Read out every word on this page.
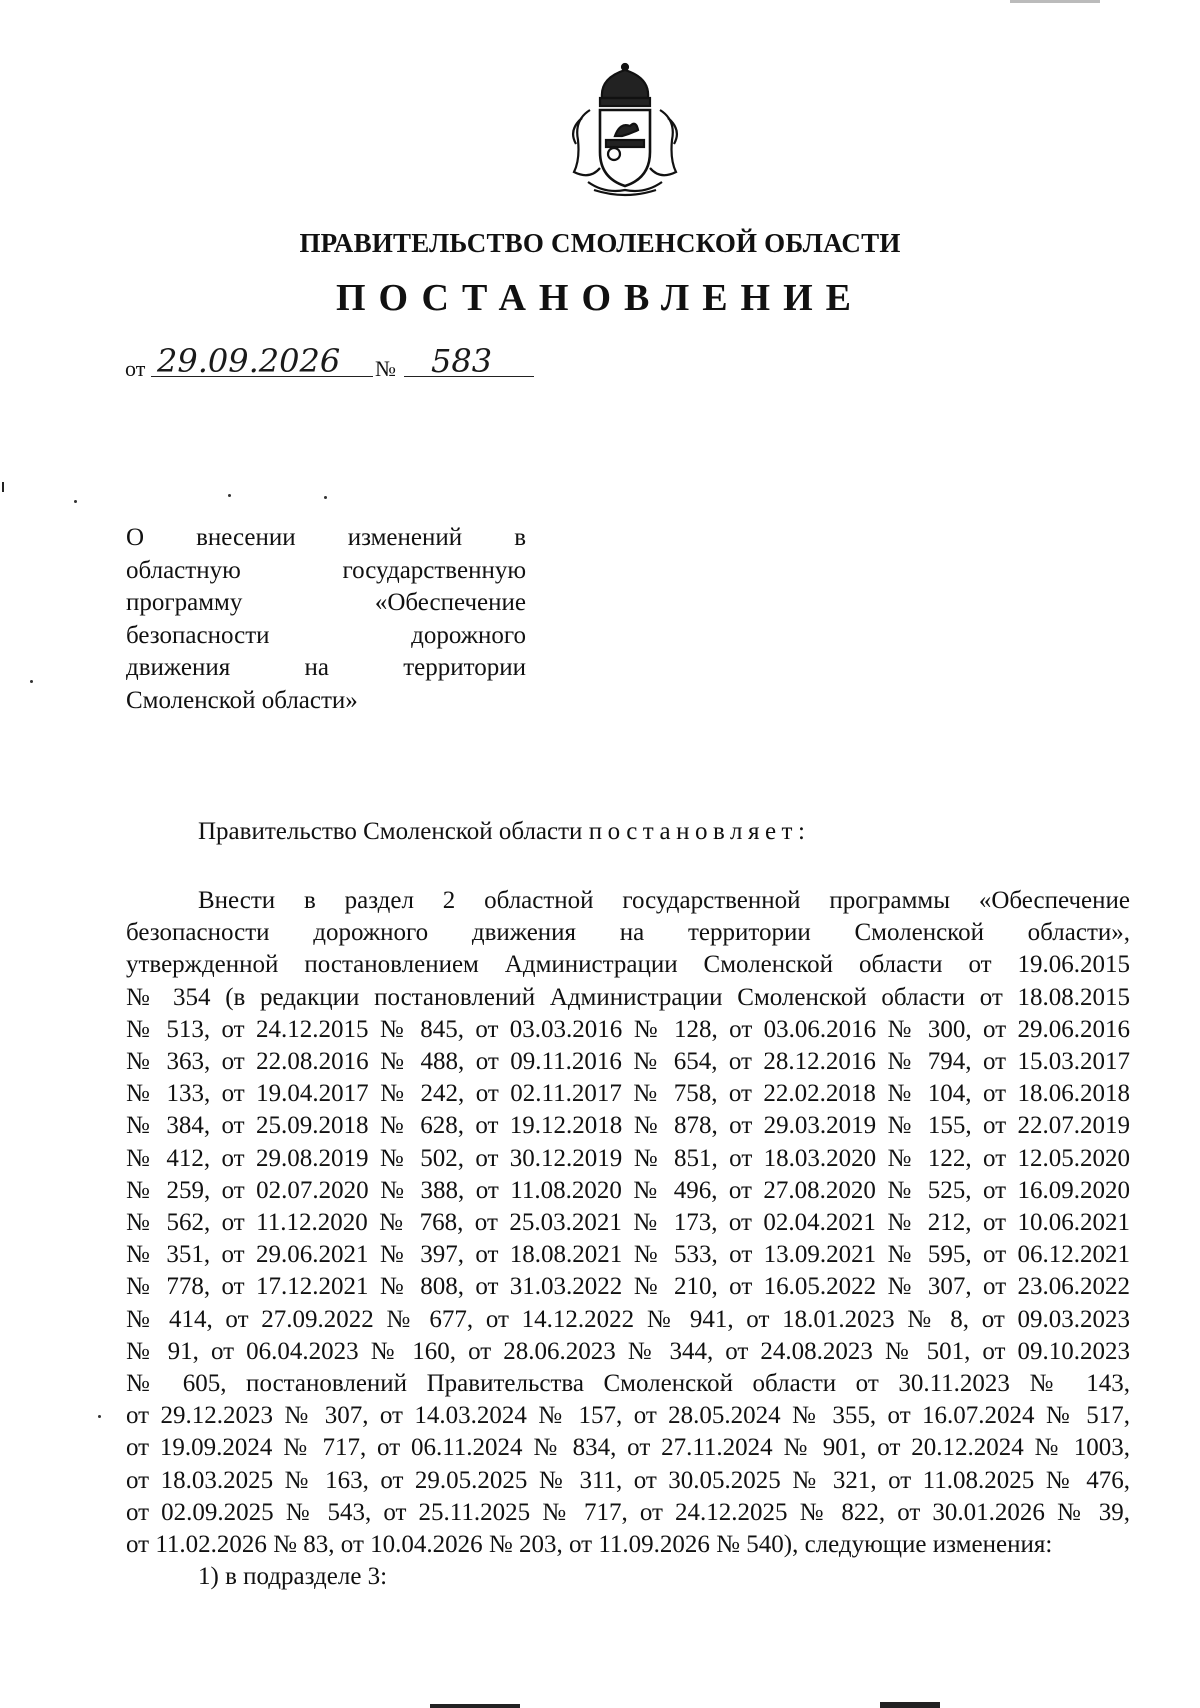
ПРАВИТЕЛЬСТВО СМОЛЕНСКОЙ ОБЛАСТИ
ПОСТАНОВЛЕНИЕ
от 29.09.2026 № 583
О внесении изменений в
областную государственную
программу «Обеспечение
безопасности дорожного
движения на территории
Смоленской области»
Правительство Смоленской области постановляет:
Внести в раздел 2 областной государственной программы «Обеспечение
безопасности дорожного движения на территории Смоленской области»,
утвержденной постановлением Администрации Смоленской области от 19.06.2015
№ 354 (в редакции постановлений Администрации Смоленской области от 18.08.2015
№ 513, от 24.12.2015 № 845, от 03.03.2016 № 128, от 03.06.2016 № 300, от 29.06.2016
№ 363, от 22.08.2016 № 488, от 09.11.2016 № 654, от 28.12.2016 № 794, от 15.03.2017
№ 133, от 19.04.2017 № 242, от 02.11.2017 № 758, от 22.02.2018 № 104, от 18.06.2018
№ 384, от 25.09.2018 № 628, от 19.12.2018 № 878, от 29.03.2019 № 155, от 22.07.2019
№ 412, от 29.08.2019 № 502, от 30.12.2019 № 851, от 18.03.2020 № 122, от 12.05.2020
№ 259, от 02.07.2020 № 388, от 11.08.2020 № 496, от 27.08.2020 № 525, от 16.09.2020
№ 562, от 11.12.2020 № 768, от 25.03.2021 № 173, от 02.04.2021 № 212, от 10.06.2021
№ 351, от 29.06.2021 № 397, от 18.08.2021 № 533, от 13.09.2021 № 595, от 06.12.2021
№ 778, от 17.12.2021 № 808, от 31.03.2022 № 210, от 16.05.2022 № 307, от 23.06.2022
№ 414, от 27.09.2022 № 677, от 14.12.2022 № 941, от 18.01.2023 № 8, от 09.03.2023
№ 91, от 06.04.2023 № 160, от 28.06.2023 № 344, от 24.08.2023 № 501, от 09.10.2023
№ 605, постановлений Правительства Смоленской области от 30.11.2023 № 143,
от 29.12.2023 № 307, от 14.03.2024 № 157, от 28.05.2024 № 355, от 16.07.2024 № 517,
от 19.09.2024 № 717, от 06.11.2024 № 834, от 27.11.2024 № 901, от 20.12.2024 № 1003,
от 18.03.2025 № 163, от 29.05.2025 № 311, от 30.05.2025 № 321, от 11.08.2025 № 476,
от 02.09.2025 № 543, от 25.11.2025 № 717, от 24.12.2025 № 822, от 30.01.2026 № 39,
от 11.02.2026 № 83, от 10.04.2026 № 203, от 11.09.2026 № 540), следующие изменения:
1) в подразделе 3:
